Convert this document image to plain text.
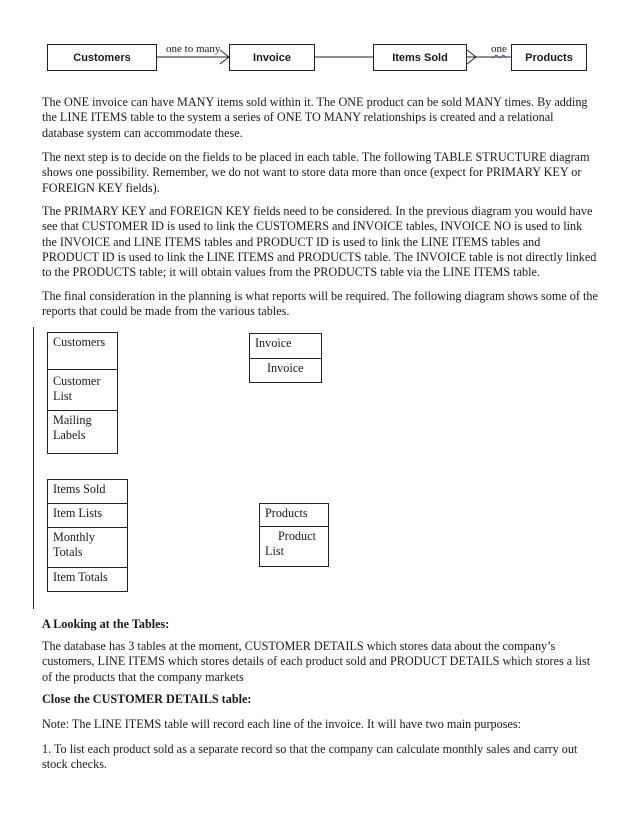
Customers	Invoice	Items Sold	Products
one to many	one

The ONE invoice can have MANY items sold within it. The ONE product can be sold MANY times. By adding the LINE ITEMS table to the system a series of ONE TO MANY relationships is created and a relational database system can accommodate these.

The next step is to decide on the fields to be placed in each table. The following TABLE STRUCTURE diagram shows one possibility. Remember, we do not want to store data more than once (expect for PRIMARY KEY or FOREIGN KEY fields).

The PRIMARY KEY and FOREIGN KEY fields need to be considered. In the previous diagram you would have see that CUSTOMER ID is used to link the CUSTOMERS and INVOICE tables, INVOICE NO is used to link the INVOICE and LINE ITEMS tables and PRODUCT ID is used to link the LINE ITEMS tables and PRODUCT ID is used to link the LINE ITEMS and PRODUCTS table. The INVOICE table is not directly linked to the PRODUCTS table; it will obtain values from the PRODUCTS table via the LINE ITEMS table.

The final consideration in the planning is what reports will be required. The following diagram shows some of the reports that could be made from the various tables.

Customers
Customer List
Mailing Labels
Invoice
Invoice
Items Sold
Item Lists
Monthly Totals
Item Totals
Products
Product List

A Looking at the Tables:

The database has 3 tables at the moment, CUSTOMER DETAILS which stores data about the company’s customers, LINE ITEMS which stores details of each product sold and PRODUCT DETAILS which stores a list of the products that the company markets

Close the CUSTOMER DETAILS table:

Note: The LINE ITEMS table will record each line of the invoice. It will have two main purposes:

1. To list each product sold as a separate record so that the company can calculate monthly sales and carry out stock checks.
